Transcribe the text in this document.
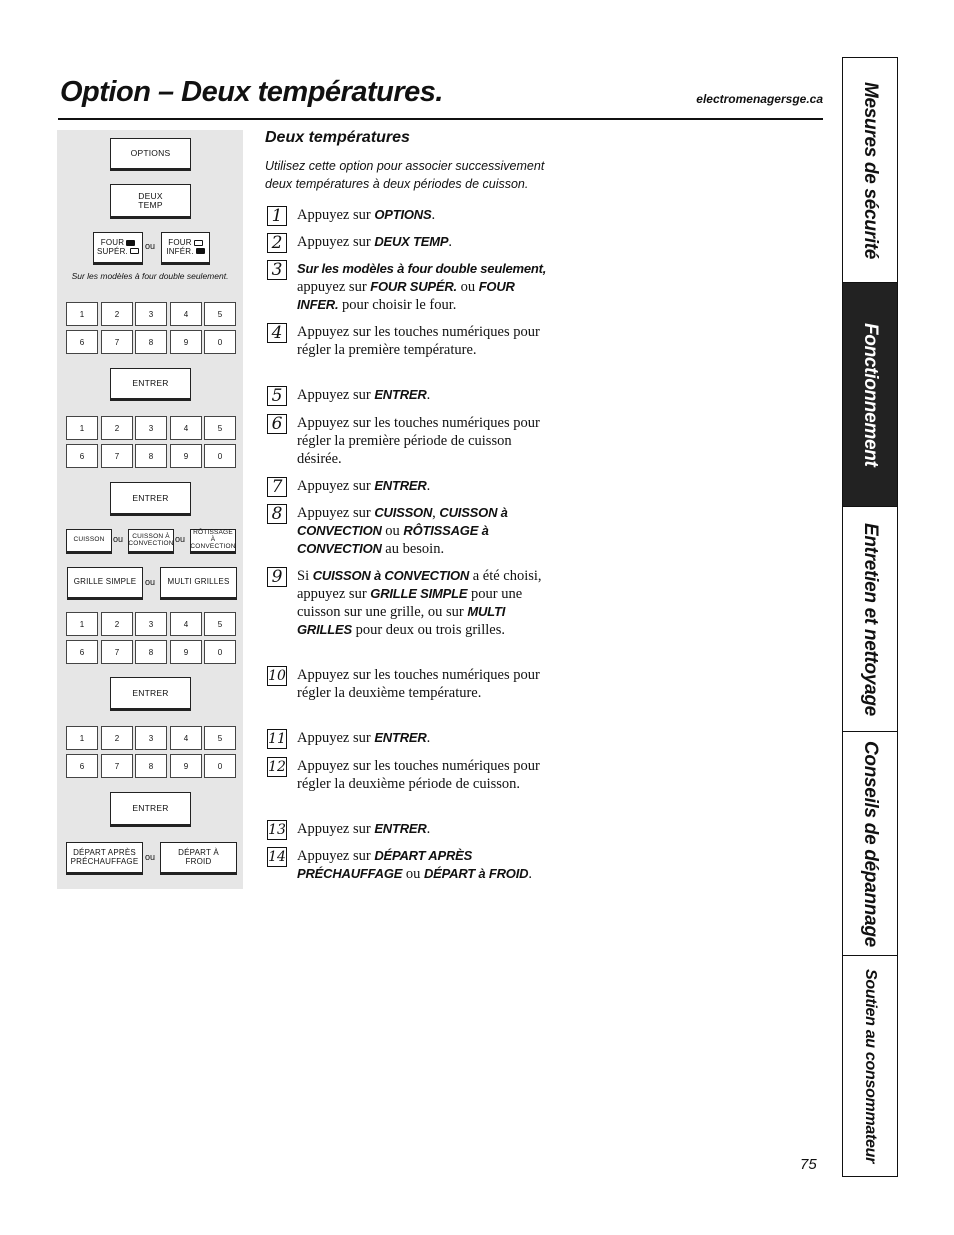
Option – Deux températures.	electromenagersge.ca
OPTIONS
DEUX
TEMP
FOUR
SUPÉR.	ou FOUR
INFÉR.
Sur les modèles à four double seulement.
1	2	3	4	5
6	7	8	9	0
ENTRER
1	2	3	4	5
6	7	8	9	0
ENTRER
CUISSON ou CUISSON À
CONVECTION ou
RÔTISSAGE À
CONVECTION
GRILLE SIMPLE ou MULTI GRILLES
1	2	3	4	5
6	7	8	9	0
ENTRER
1	2	3	4	5
6	7	8	9	0
ENTRER
DÉPART APRÈS
PRÉCHAUFFAGE ou	DÉPART À
FROID
Deux températures
Utilisez cette option pour associer successivement deux températures à deux périodes de cuisson.
1	Appuyez sur OPTIONS.
2	Appuyez sur DEUX TEMP.
3	Sur les modèles à four double seulement, appuyez sur FOUR SUPÉR. ou FOUR INFER. pour choisir le four.
4	Appuyez sur les touches numériques pour régler la première température.
5	Appuyez sur ENTRER.
6	Appuyez sur les touches numériques pour régler la première période de cuisson désirée.
7	Appuyez sur ENTRER.
8	Appuyez sur CUISSON, CUISSON à CONVECTION ou RÔTISSAGE à CONVECTION au besoin.
9	Si CUISSON à CONVECTION a été choisi, appuyez sur GRILLE SIMPLE pour une cuisson sur une grille, ou sur MULTI GRILLES pour deux ou trois grilles.
10 Appuyez sur les touches numériques pour régler la deuxième température.
11 Appuyez sur ENTRER.
12 Appuyez sur les touches numériques pour régler la deuxième période de cuisson.
13 Appuyez sur ENTRER.
14 Appuyez sur DÉPART APRÈS PRÉCHAUFFAGE ou DÉPART à FROID.
75
Mesures de sécurité
Fonctionnement
Entretien et nettoyage
Conseils de dépannage
Soutien au consommateur
